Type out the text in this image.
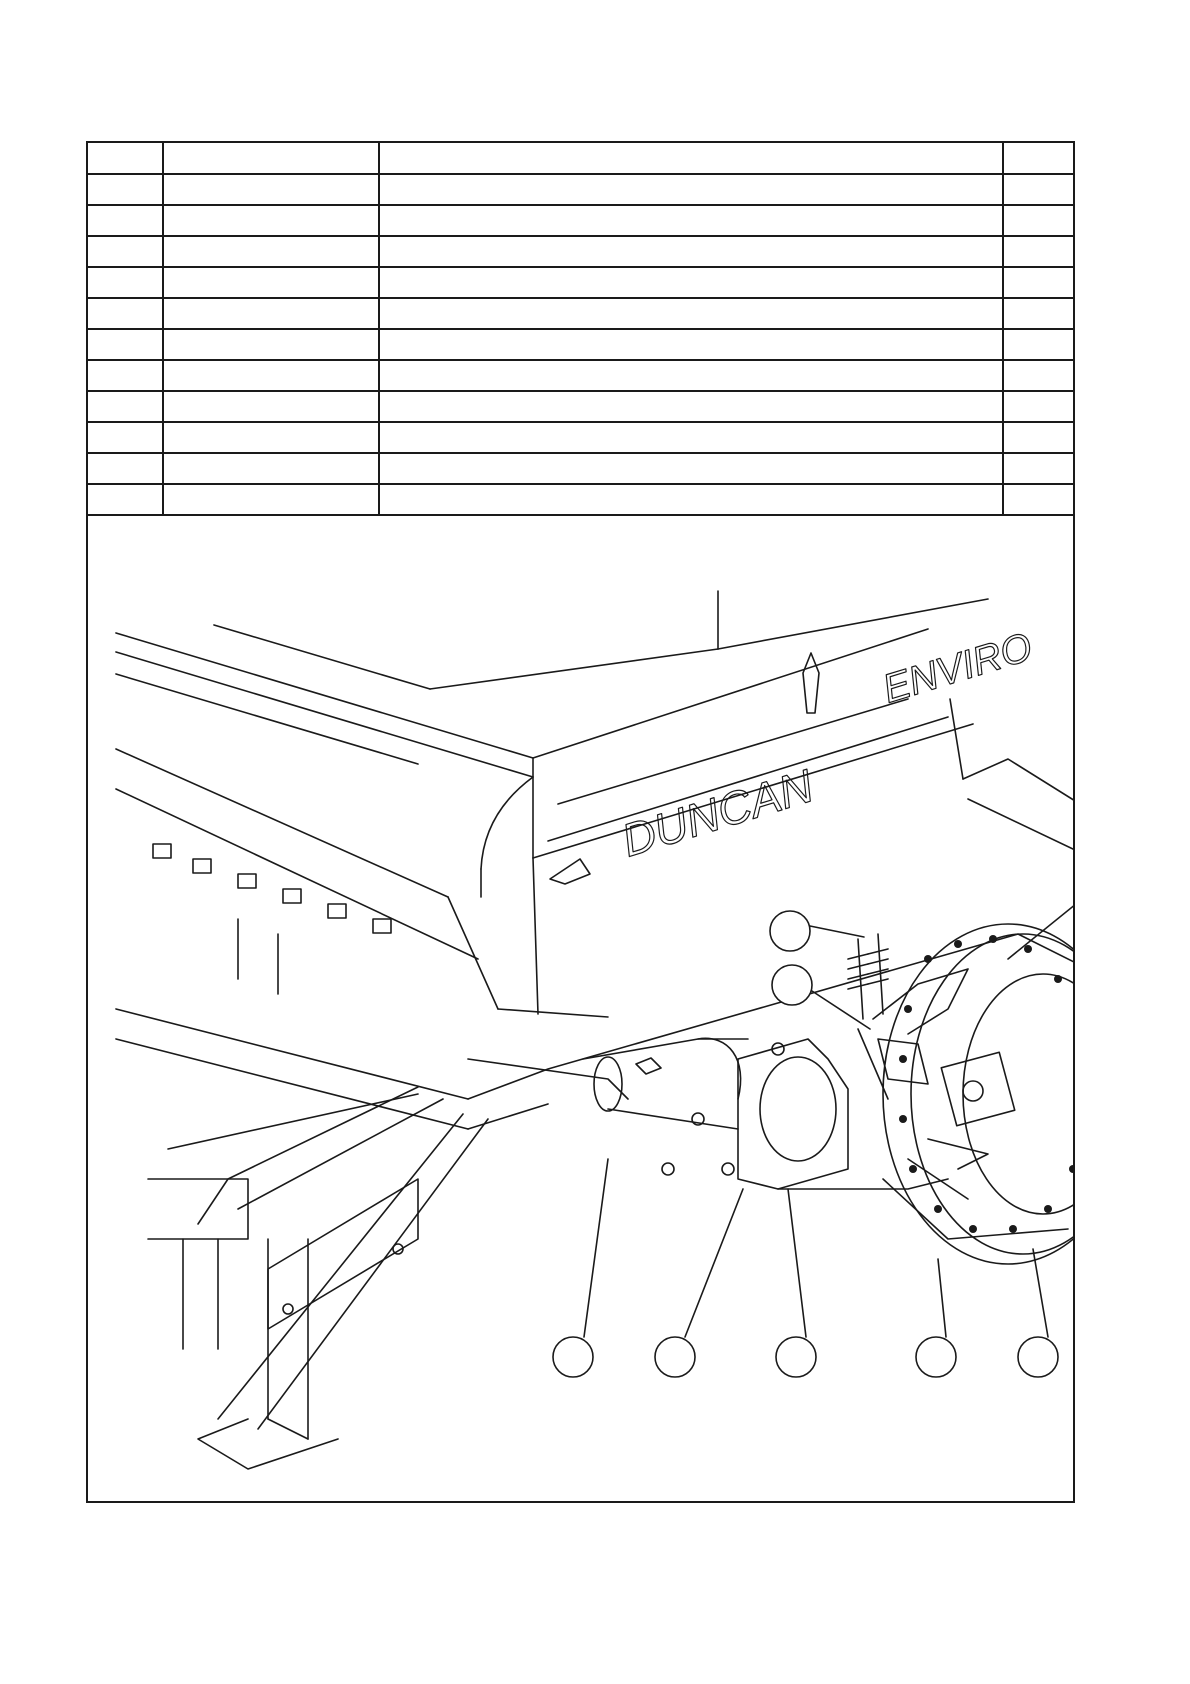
DUNCAN
ENVIRO
